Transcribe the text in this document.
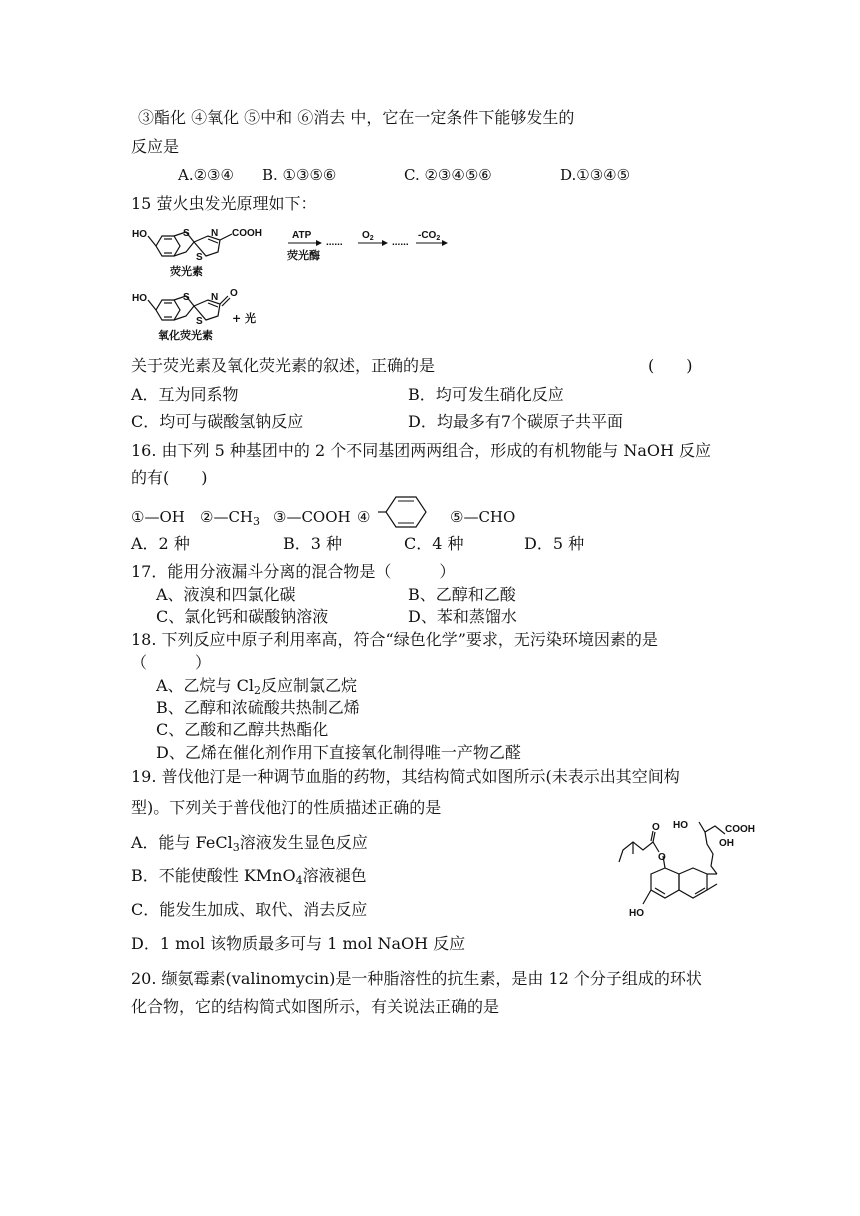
③酯化 ④氧化 ⑤中和 ⑥消去 中，它在一定条件下能够发生的
反应是
A.②③④ B. ①③⑤⑥	C. ②③④⑤⑥	D.①③④⑤
15 萤火虫发光原理如下：
HO	S
S
N COOH
荧光素
ATP
荧光酶
......
$O_2$ ......
$-CO_2$
HO	S
S
N O
氧化荧光素
+ 光
关于荧光素及氧化荧光素的叙述，正确的是	(　　)
A．互为同系物	B．均可发生硝化反应
C．均可与碳酸氢钠反应	D．均最多有7个碳原子共平面
16. 由下列 5 种基团中的 2 个不同基团两两组合，形成的有机物能与 NaOH 反应
的有(　　)
①—OH $②—CH_3$ ③—COOH ④	⑤—CHO
A．2 种	B．3 种	C．4 种	D．5 种
17．能用分液漏斗分离的混合物是（　　　）
A、液溴和四氯化碳	B、乙醇和乙酸
C、氯化钙和碳酸钠溶液	D、苯和蒸馏水
18. 下列反应中原子利用率高，符合“绿色化学”要求，无污染环境因素的是
（　　　）
A、乙烷与 $Cl_2$反应制氯乙烷
B、乙醇和浓硫酸共热制乙烯
C、乙酸和乙醇共热酯化
D、乙烯在催化剂作用下直接氧化制得唯一产物乙醛
19. 普伐他汀是一种调节血脂的药物，其结构简式如图所示(未表示出其空间构
型)。下列关于普伐他汀的性质描述正确的是
A．能与 FeCl$_3$溶液发生显色反应
B．不能使酸性 KMnO$_4$溶液褪色
C．能发生加成、取代、消去反应
D．1 mol 该物质最多可与 1 mol NaOH 反应
HO	COOH
OH
O
O
HO
20. 缬氨霉素(valinomycin)是一种脂溶性的抗生素，是由 12 个分子组成的环状
化合物，它的结构简式如图所示，有关说法正确的是
